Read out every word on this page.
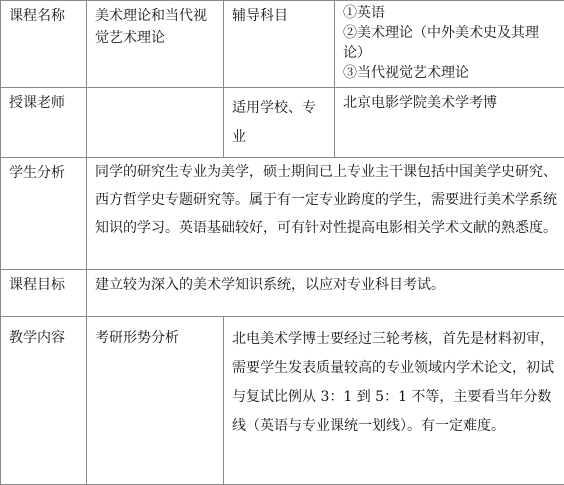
课程名称	美术理论和当代视觉艺术理论	辅导科目	①英语
②美术理论（中外美术史及其理论）
③当代视觉艺术理论

授课老师		适用学校、专业	北京电影学院美术学考博
学生分析	同学的研究生专业为美学，硕士期间已上专业主干课包括中国美学史研究、西方哲学史专题研究等。属于有一定专业跨度的学生，需要进行美术学系统知识的学习。英语基础较好，可有针对性提高电影相关学术文献的熟悉度。		
课程目标	建立较为深入的美术学知识系统，以应对专业科目考试。		
教学内容	考研形势分析	北电美术学博士要经过三轮考核，首先是材料初审，需要学生发表质量较高的专业领域内学术论文，初试与复试比例从 3：1 到 5：1 不等，主要看当年分数线（英语与专业课统一划线）。有一定难度。	
